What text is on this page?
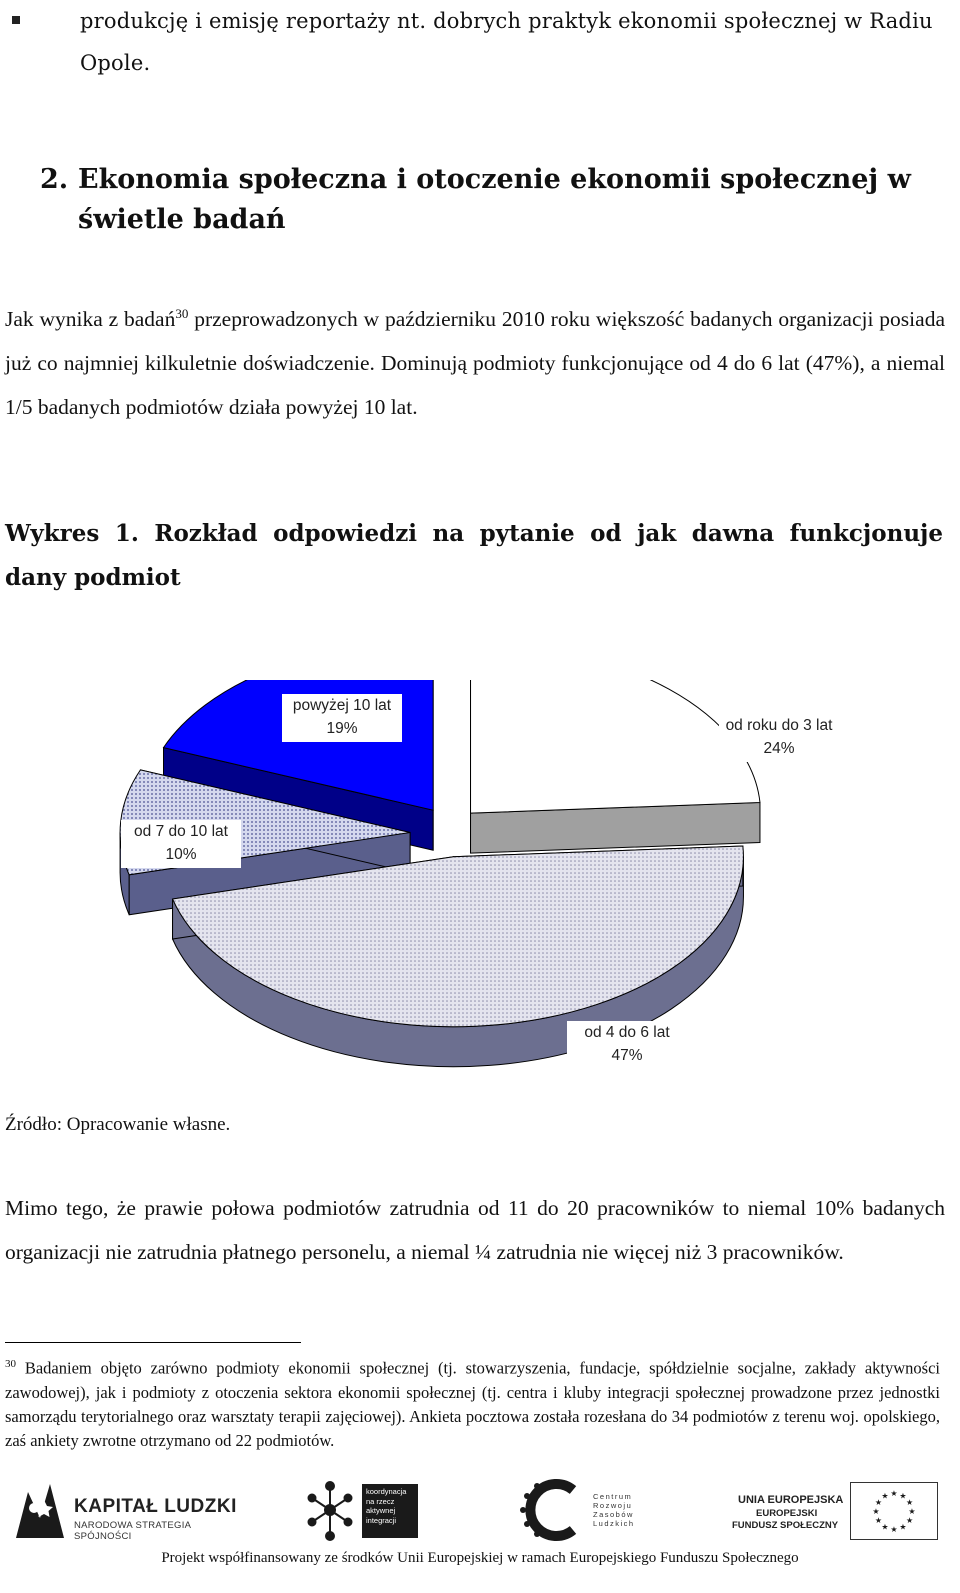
produkcję i emisję reportaży nt. dobrych praktyk ekonomii społecznej w Radiu Opole.
2. Ekonomia społeczna i otoczenie ekonomii społecznej w świetle badań
Jak wynika z badań$^{30}$ przeprowadzonych w październiku 2010 roku większość badanych organizacji posiada już co najmniej kilkuletnie doświadczenie. Dominują podmioty funkcjonujące od 4 do 6 lat (47%), a niemal 1/5 badanych podmiotów działa powyżej 10 lat.
Wykres 1. Rozkład odpowiedzi na pytanie od jak dawna funkcjonuje dany podmiot
od roku do 3 lat
24%
od 4 do 6 lat
47%
od 7 do 10 lat
10%
powyżej 10 lat
19%
Źródło: Opracowanie własne.
Mimo tego, że prawie połowa podmiotów zatrudnia od 11 do 20 pracowników to niemal 10% badanych organizacji nie zatrudnia płatnego personelu, a niemal ¼ zatrudnia nie więcej niż 3 pracowników.
$^{30}$ Badaniem objęto zarówno podmioty ekonomii społecznej (tj. stowarzyszenia, fundacje, spółdzielnie socjalne, zakłady aktywności zawodowej), jak i podmioty z otoczenia sektora ekonomii społecznej (tj. centra i kluby integracji społecznej prowadzone przez jednostki samorządu terytorialnego oraz warsztaty terapii zajęciowej). Ankieta pocztowa została rozesłana do 34 podmiotów z terenu woj. opolskiego, zaś ankiety zwrotne otrzymano od 22 podmiotów.
KAPITAŁ LUDZKI
NARODOWA STRATEGIA SPÓJNOŚCI
koordynacja na rzecz aktywnej integracji
Centrum Rozwoju Zasobów Ludzkich
UNIA EUROPEJSKA
EUROPEJSKI
FUNDUSZ SPOŁECZNY
★
★
★
★
★
★
★
★
★ ★ ★
★
Projekt współfinansowany ze środków Unii Europejskiej w ramach Europejskiego Funduszu Społecznego
